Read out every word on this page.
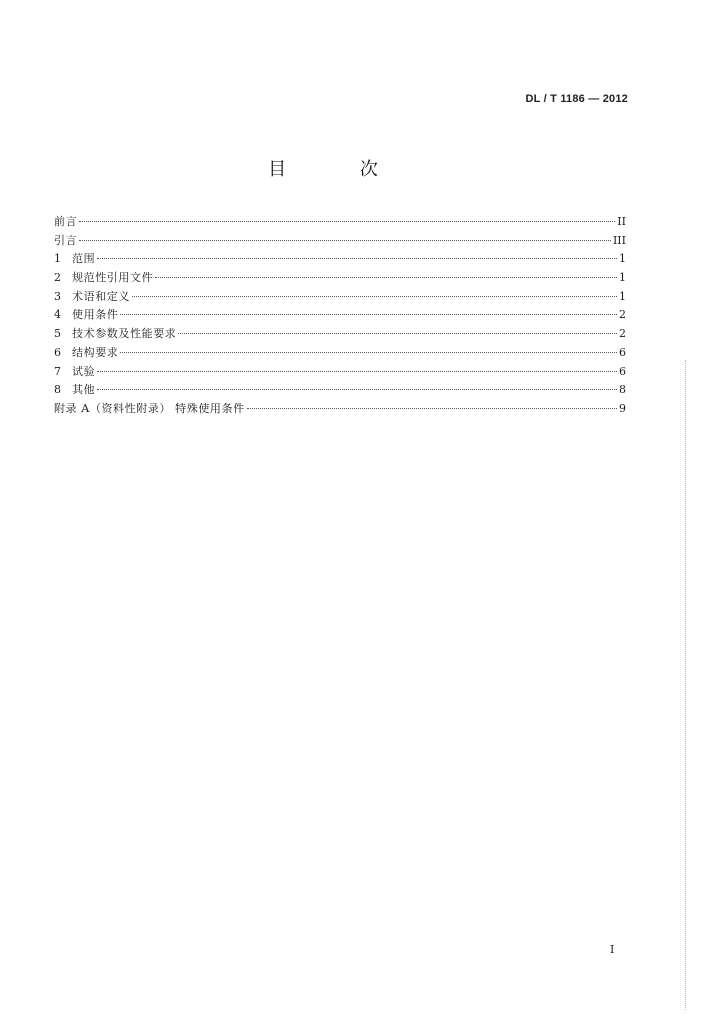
DL / T 1186 — 2012
目 次
前言	II
引言	III
1	范围	1
2	规范性引用文件	1
3	术语和定义	1
4	使用条件	2
5	技术参数及性能要求	2
6	结构要求	6
7	试验	6
8	其他	8
附录 A（资料性附录） 特殊使用条件	9
I
